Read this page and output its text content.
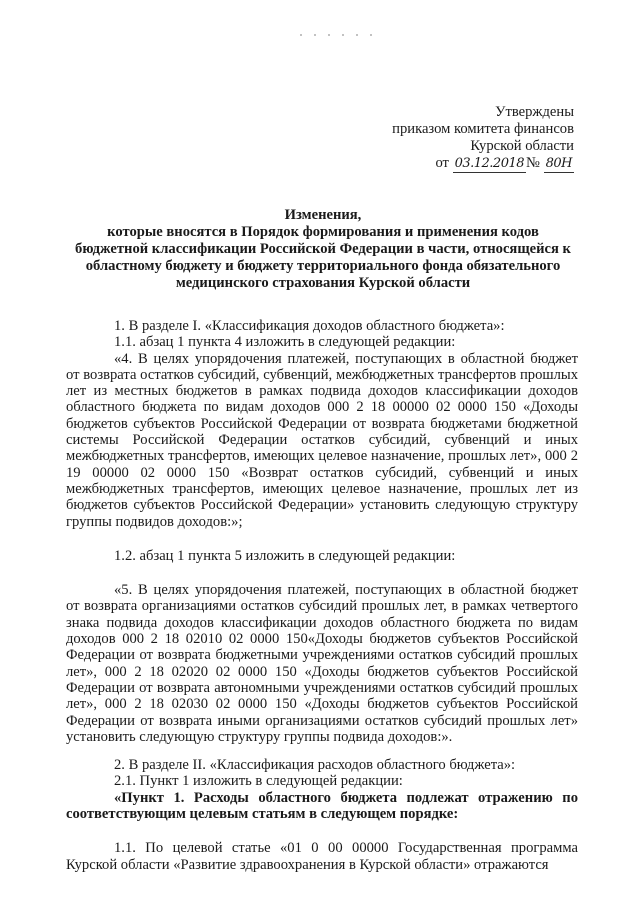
Утверждены
приказом комитета финансов
Курской области
от
03.12.2018 №
80Н
Изменения,
которые вносятся в Порядок формирования и применения кодов бюджетной классификации Российской Федерации в части, относящейся к областному бюджету и бюджету территориального фонда обязательного медицинского страхования Курской области

1. В разделе I. «Классификация доходов областного бюджета»:

1.1. абзац 1 пункта 4 изложить в следующей редакции:

«4. В целях упорядочения платежей, поступающих в областной бюджет от возврата остатков субсидий, субвенций, межбюджетных трансфертов прошлых лет из местных бюджетов в рамках подвида доходов классификации доходов областного бюджета по видам доходов 000 2 18 00000 02 0000 150 «Доходы бюджетов субъектов Российской Федерации от возврата бюджетами бюджетной системы Российской Федерации остатков субсидий, субвенций и иных межбюджетных трансфертов, имеющих целевое назначение, прошлых лет», 000 2 19 00000 02 0000 150 «Возврат остатков субсидий, субвенций и иных межбюджетных трансфертов, имеющих целевое назначение, прошлых лет из бюджетов субъектов Российской Федерации» установить следующую структуру группы подвидов доходов:»;

1.2. абзац 1 пункта 5 изложить в следующей редакции:

«5. В целях упорядочения платежей, поступающих в областной бюджет от возврата организациями остатков субсидий прошлых лет, в рамках четвертого знака подвида доходов классификации доходов областного бюджета по видам доходов 000 2 18 02010 02 0000 150«Доходы бюджетов субъектов Российской Федерации от возврата бюджетными учреждениями остатков субсидий прошлых лет», 000 2 18 02020 02 0000 150 «Доходы бюджетов субъектов Российской Федерации от возврата автономными учреждениями остатков субсидий прошлых лет», 000 2 18 02030 02 0000 150 «Доходы бюджетов субъектов Российской Федерации от возврата иными организациями остатков субсидий прошлых лет» установить следующую структуру группы подвида доходов:».

2. В разделе II. «Классификация расходов областного бюджета»:

2.1. Пункт 1 изложить в следующей редакции:

«Пункт 1. Расходы областного бюджета подлежат отражению по соответствующим целевым статьям в следующем порядке:

1.1. По целевой статье «01 0 00 00000 Государственная программа Курской области «Развитие здравоохранения в Курской области» отражаются
